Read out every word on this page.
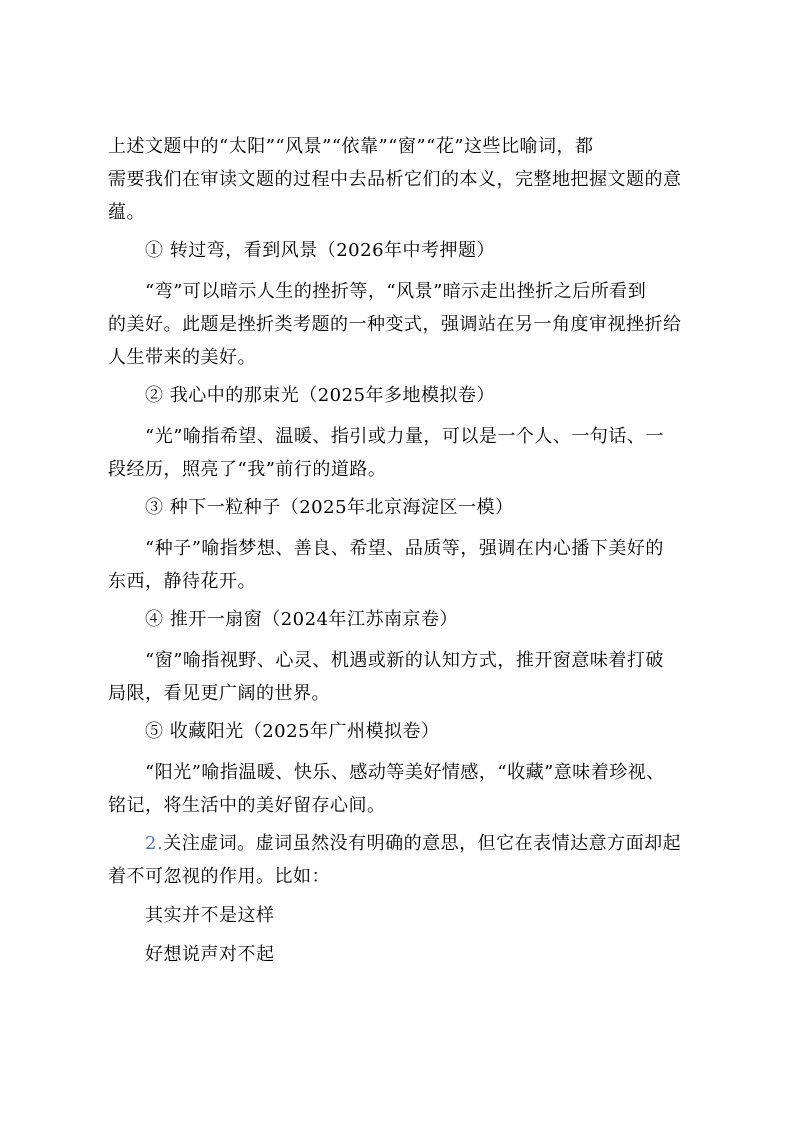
上述文题中的“太阳”“风景”“依靠”“窗”“花”这些比喻词，都
需要我们在审读文题的过程中去品析它们的本义，完整地把握文题的意
蕴。
① 转过弯，看到风景（2026年中考押题）
“弯”可以暗示人生的挫折等，“风景”暗示走出挫折之后所看到
的美好。此题是挫折类考题的一种变式，强调站在另一角度审视挫折给
人生带来的美好。
② 我心中的那束光（2025年多地模拟卷）
“光”喻指希望、温暖、指引或力量，可以是一个人、一句话、一
段经历，照亮了“我”前行的道路。
③ 种下一粒种子（2025年北京海淀区一模）
“种子”喻指梦想、善良、希望、品质等，强调在内心播下美好的
东西，静待花开。
④ 推开一扇窗（2024年江苏南京卷）
“窗”喻指视野、心灵、机遇或新的认知方式，推开窗意味着打破
局限，看见更广阔的世界。
⑤ 收藏阳光（2025年广州模拟卷）
“阳光”喻指温暖、快乐、感动等美好情感，“收藏”意味着珍视、
铭记，将生活中的美好留存心间。
2.关注虚词。虚词虽然没有明确的意思，但它在表情达意方面却起
着不可忽视的作用。比如：
其实并不是这样
好想说声对不起
